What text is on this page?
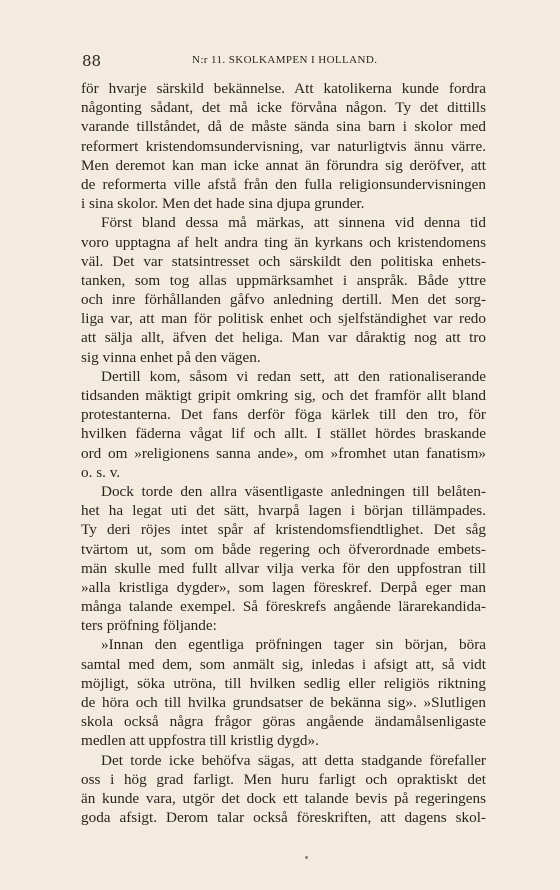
88	N:r 11. SKOLKAMPEN I HOLLAND.
för hvarje särskild bekännelse. Att katolikerna kunde fordra
någonting sådant, det må icke förvåna någon. Ty det dittills
varande tillståndet, då de måste sända sina barn i skolor med
reformert kristendomsundervisning, var naturligtvis ännu värre.
Men deremot kan man icke annat än förundra sig deröfver, att
de reformerta ville afstå från den fulla religionsundervisningen
i sina skolor. Men det hade sina djupa grunder.
Först bland dessa må märkas, att sinnena vid denna tid
voro upptagna af helt andra ting än kyrkans och kristendomens
väl. Det var statsintresset och särskildt den politiska enhets-
tanken, som tog allas uppmärksamhet i anspråk. Både yttre
och inre förhållanden gåfvo anledning dertill. Men det sorg-
liga var, att man för politisk enhet och sjelfständighet var redo
att sälja allt, äfven det heliga. Man var dåraktig nog att tro
sig vinna enhet på den vägen.
Dertill kom, såsom vi redan sett, att den rationaliserande
tidsanden mäktigt gripit omkring sig, och det framför allt bland
protestanterna. Det fans derför föga kärlek till den tro, för
hvilken fäderna vågat lif och allt. I stället hördes braskande
ord om »religionens sanna ande», om »fromhet utan fanatism»
o. s. v.
Dock torde den allra väsentligaste anledningen till belåten-
het ha legat uti det sätt, hvarpå lagen i början tillämpades.
Ty deri röjes intet spår af kristendomsfiendtlighet. Det såg
tvärtom ut, som om både regering och öfverordnade embets-
män skulle med fullt allvar vilja verka för den uppfostran till
»alla kristliga dygder», som lagen föreskref. Derpå eger man
många talande exempel. Så föreskrefs angående lärarekandida-
ters pröfning följande:
»Innan den egentliga pröfningen tager sin början, böra
samtal med dem, som anmält sig, inledas i afsigt att, så vidt
möjligt, söka utröna, till hvilken sedlig eller religiös riktning
de höra och till hvilka grundsatser de bekänna sig». »Slutligen
skola också några frågor göras angående ändamålsenligaste
medlen att uppfostra till kristlig dygd».
Det torde icke behöfva sägas, att detta stadgande förefaller
oss i hög grad farligt. Men huru farligt och opraktiskt det
än kunde vara, utgör det dock ett talande bevis på regeringens
goda afsigt. Derom talar också föreskriften, att dagens skol-
